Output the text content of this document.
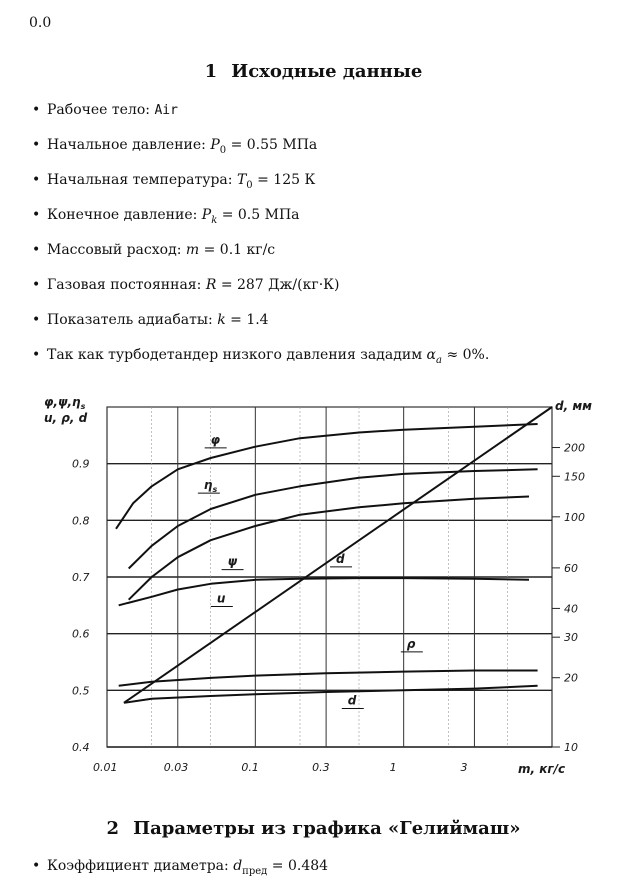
0.0
1 Исходные данные
• Рабочее тело: Air
• Начальное давление: $P_0 = 0.55$ МПа
• Начальная температура: $T_0 = 125$ К
• Конечное давление: $P_k = 0.5$ МПа
• Массовый расход: m = 0.1 кг/с
• Газовая постоянная: R = 287 Дж/(кг·К)
• Показатель адиабаты: k = 1.4
• Так как турбодетандер низкого давления зададим $\alpha_a \approx 0\%$.
0.4
0.5
0.6
0.7
0.8
0.9
0.01	0.03	0.1	0.3	1	3
10
20
30
40
60
100
150
200
φ
$\eta_s$
ψ
u
ρ
d
d
$\varphi,\psi,\eta_s$
u, ρ, d
d, мм
m, кг/с
2 Параметры из графика «Гелиймаш»
• Коэффициент диаметра: $d_{пред} = 0.484$
